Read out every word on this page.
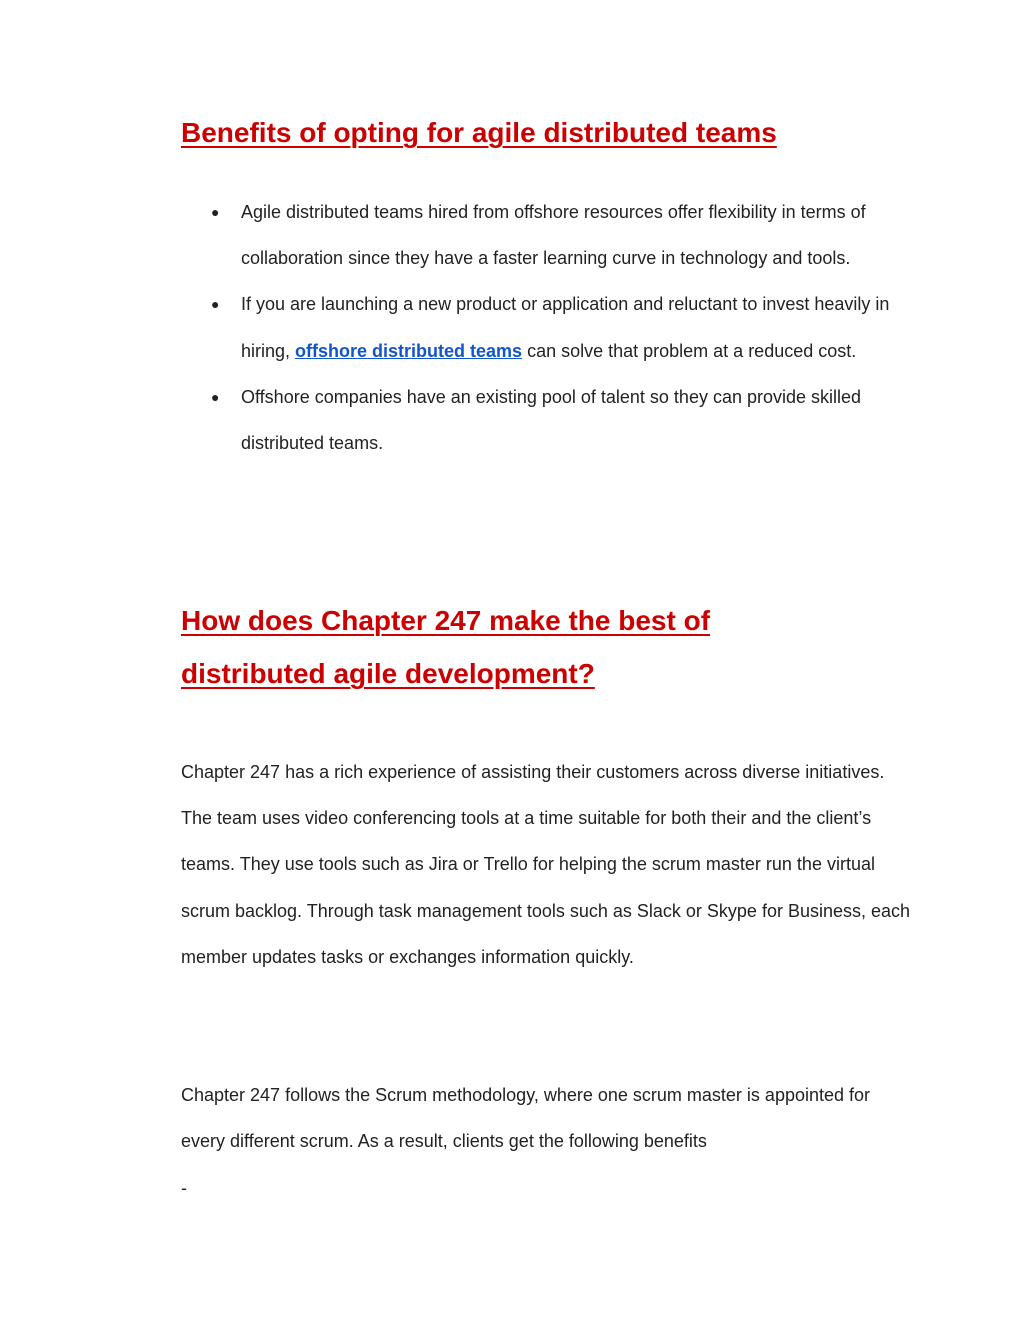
Benefits of opting for agile distributed teams
● Agile distributed teams hired from offshore resources offer flexibility in terms of collaboration since they have a faster learning curve in technology and tools.
● If you are launching a new product or application and reluctant to invest heavily in hiring, offshore distributed teams can solve that problem at a reduced cost.
● Offshore companies have an existing pool of talent so they can provide skilled distributed teams.
How does Chapter 247 make the best of
distributed agile development?

Chapter 247 has a rich experience of assisting their customers across diverse initiatives. The team uses video conferencing tools at a time suitable for both their and the client’s teams. They use tools such as Jira or Trello for helping the scrum master run the virtual scrum backlog. Through task management tools such as Slack or Skype for Business, each member updates tasks or exchanges information quickly.

Chapter 247 follows the Scrum methodology, where one scrum master is appointed for every different scrum. As a result, clients get the following benefits

-
